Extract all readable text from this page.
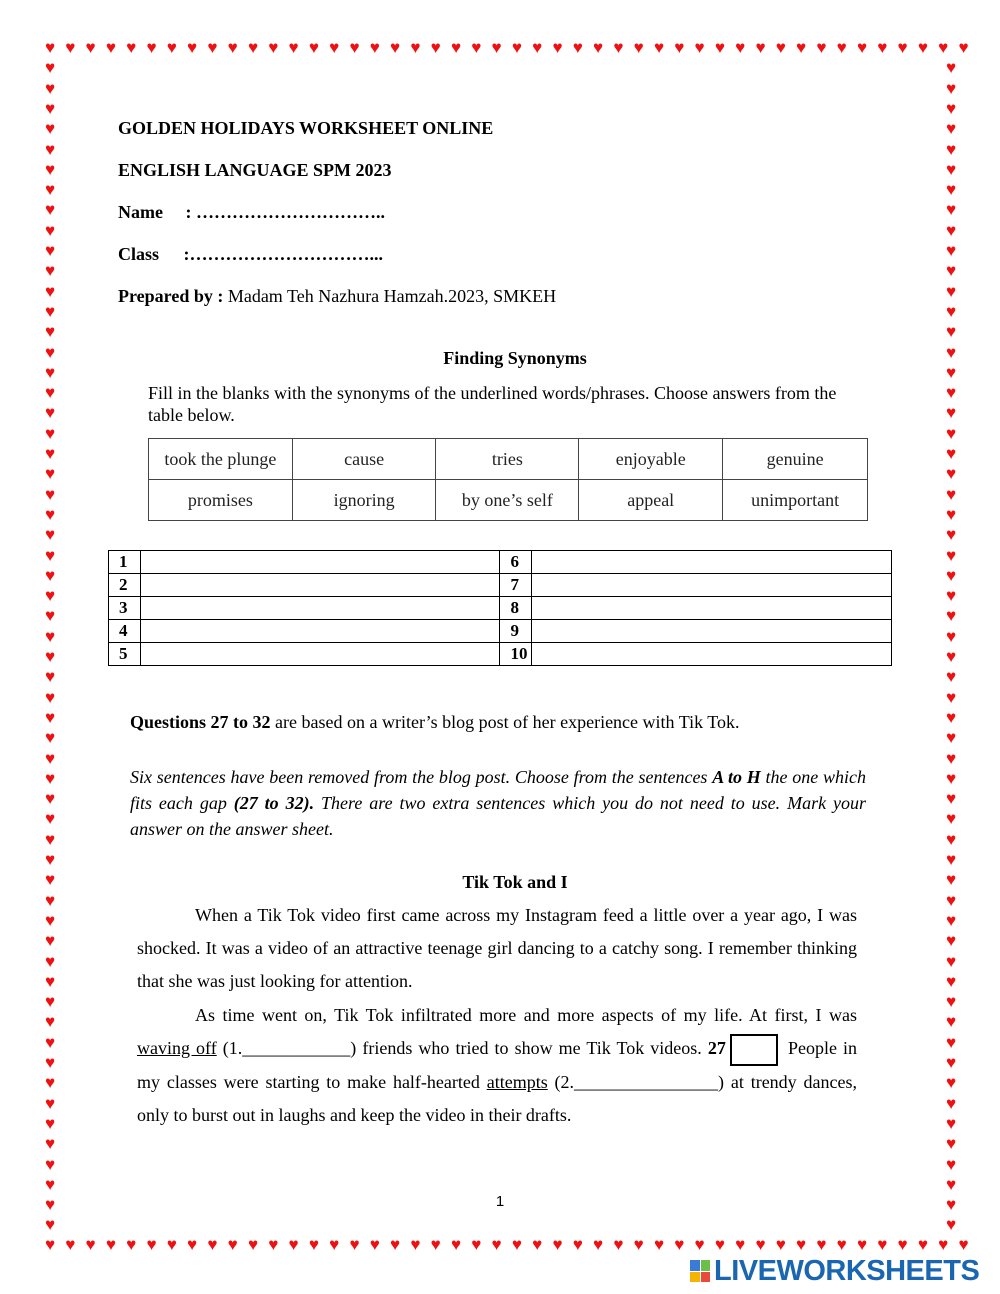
♥
♥
♥
♥
♥
♥
♥
♥
♥
♥
♥
♥
♥
♥
♥
♥
♥
♥
♥
♥
♥
♥
♥
♥
♥
♥
♥
♥
♥
♥
♥
♥
♥
♥
♥
♥
♥
♥
♥
♥
♥
♥
♥
♥
♥
♥
♥
♥
♥
♥
♥
♥
♥
♥
♥
♥
♥
♥
♥
♥
♥
♥
♥
♥
♥
♥
♥
♥
♥
♥
♥
♥
♥
♥
♥
♥
♥
♥
♥
♥
♥
♥
♥
♥
♥
♥
♥
♥
♥
♥
♥
♥
♥	♥
♥	♥
♥	♥
♥	♥
♥	♥
♥	♥
♥	♥
♥	♥
♥	♥
♥	♥
♥	♥
♥	♥
♥	♥
♥	♥
♥	♥
♥	♥
♥	♥
♥	♥
♥	♥
♥	♥
♥	♥
♥	♥
♥	♥
♥	♥
♥	♥
♥	♥
♥	♥
♥	♥
♥	♥
♥	♥
♥	♥
♥	♥
♥	♥
♥	♥
♥	♥
♥	♥
♥	♥
♥	♥
♥	♥
♥	♥
♥	♥
♥	♥
♥	♥
♥	♥
♥	♥
♥	♥
♥	♥
♥	♥
♥	♥
♥	♥
♥	♥
♥	♥
♥	♥
♥	♥
♥	♥
♥	♥
♥	♥
♥	♥
GOLDEN HOLIDAYS WORKSHEET ONLINE
ENGLISH LANGUAGE SPM 2023
Name : …………………………..
Class :…………………………...
Prepared by : Madam Teh Nazhura Hamzah.2023, SMKEH
Finding Synonyms
Fill in the blanks with the synonyms of the underlined words/phrases. Choose answers from the table below.
took the plunge	cause	tries	enjoyable	genuine
promises	ignoring	by one’s self	appeal	unimportant
1		6	
2		7	
3		8	
4		9	
5		10	
Questions 27 to 32 are based on a writer’s blog post of her experience with Tik Tok.
Six sentences have been removed from the blog post. Choose from the sentences A to H the one which fits each gap (27 to 32). There are two extra sentences which you do not need to use. Mark your answer on the answer sheet.
Tik Tok and I
When a Tik Tok video first came across my Instagram feed a little over a year ago, I was shocked. It was a video of an attractive teenage girl dancing to a catchy song. I remember thinking that she was just looking for attention.
As time went on, Tik Tok infiltrated more and more aspects of my life. At first, I was waving off (1.____________) friends who tried to show me Tik Tok videos. 27	People in my classes were starting to make half-hearted attempts (2.________________) at trendy dances, only to burst out in laughs and keep the video in their drafts.
1
LIVEWORKSHEETS
